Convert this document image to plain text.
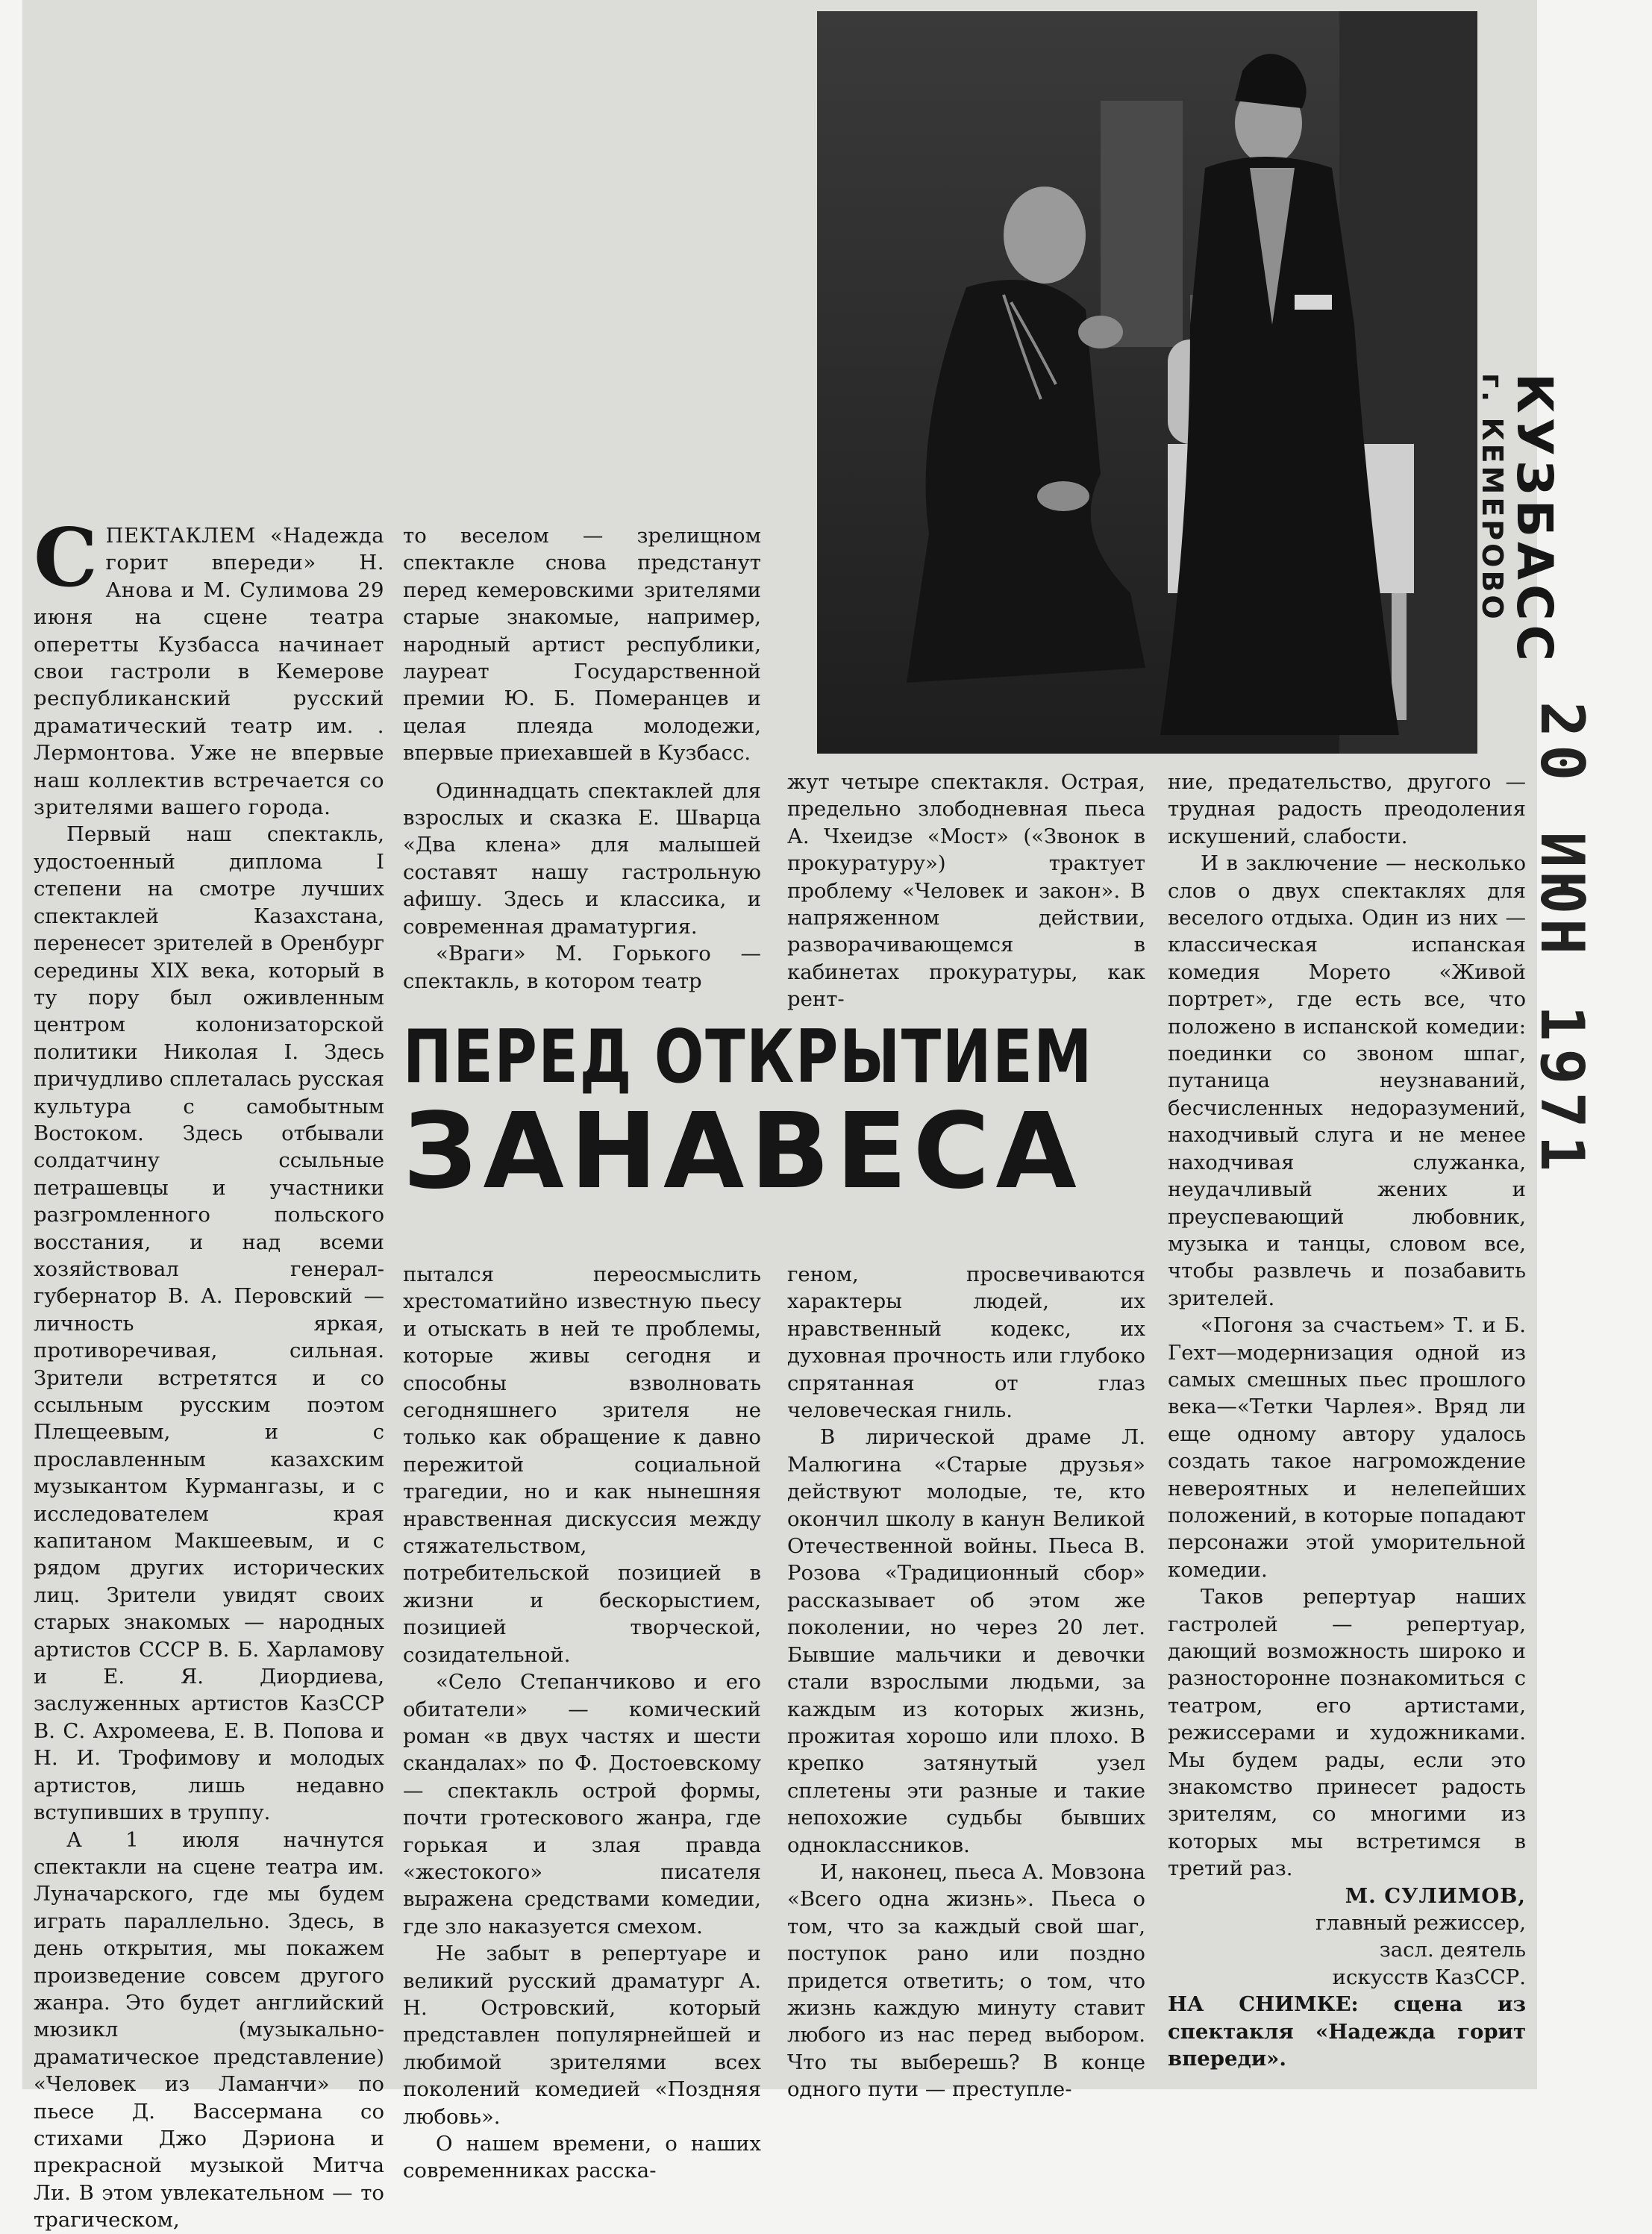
КУЗБАСС
г. КЕМЕРОВО
20 ИЮН 1971

СПЕКТАКЛЕМ «Надежда горит впереди» Н. Анова и М. Сулимова 29 июня на сцене театра оперетты Кузбасса начинает свои гастроли в Кемерове республиканский русский драматический театр им. . Лермонтова. Уже не впервые наш коллектив встречается со зрителями вашего города.

Первый наш спектакль, удостоенный диплома I степени на смотре лучших спектаклей Казахстана, перенесет зрителей в Оренбург середины XIX века, который в ту пору был оживленным центром колонизаторской политики Николая I. Здесь причудливо сплеталась русская культура с самобытным Востоком. Здесь отбывали солдатчину ссыльные петрашевцы и участники разгромленного польского восстания, и над всеми хозяйствовал генерал-губернатор В. А. Перовский — личность яркая, противоречивая, сильная. Зрители встретятся и со ссыльным русским поэтом Плещеевым, и с прославленным казахским музыкантом Курмангазы, и с исследователем края капитаном Макшеевым, и с рядом других исторических лиц. Зрители увидят своих старых знакомых — народных артистов СССР В. Б. Харламову и Е. Я. Диордиева, заслуженных артистов КазССР В. С. Ахромеева, Е. В. Попова и Н. И. Трофимову и молодых артистов, лишь недавно вступивших в труппу.

А 1 июля начнутся спектакли на сцене театра им. Луначарского, где мы будем играть параллельно. Здесь, в день открытия, мы покажем произведение совсем другого жанра. Это будет английский мюзикл (музыкально-драматическое представление) «Человек из Ламанчи» по пьесе Д. Вассермана со стихами Джо Дэриона и прекрасной музыкой Митча Ли. В этом увлекательном — то трагическом,

то веселом — зрелищном спектакле снова предстанут перед кемеровскими зрителями старые знакомые, например, народный артист республики, лауреат Государственной премии Ю. Б. Померанцев и целая плеяда молодежи, впервые приехавшей в Кузбасс.

Одиннадцать спектаклей для взрослых и сказка Е. Шварца «Два клена» для малышей составят нашу гастрольную афишу. Здесь и классика, и современная драматургия.

«Враги» М. Горького — спектакль, в котором театр

жут четыре спектакля. Острая, предельно злободневная пьеса А. Чхеидзе «Мост» («Звонок в прокуратуру») трактует проблему «Человек и закон». В напряженном действии, разворачивающемся в кабинетах прокуратуры, как рент-

ние, предательство, другого — трудная радость преодоления искушений, слабости.

И в заключение — несколько слов о двух спектаклях для веселого отдыха. Один из них — классическая испанская комедия Морето «Живой портрет», где есть все, что положено в испанской комедии: поединки со звоном шпаг, путаница неузнаваний, бесчисленных недоразумений, находчивый слуга и не менее находчивая служанка, неудачливый жених и преуспевающий любовник, музыка и танцы, словом все, чтобы развлечь и позабавить зрителей.

«Погоня за счастьем» Т. и Б. Гехт—модернизация одной из самых смешных пьес прошлого века—«Тетки Чарлея». Вряд ли еще одному автору удалось создать такое нагромождение невероятных и нелепейших положений, в которые попадают персонажи этой уморительной комедии.

Таков репертуар наших гастролей — репертуар, дающий возможность широко и разносторонне познакомиться с театром, его артистами, режиссерами и художниками. Мы будем рады, если это знакомство принесет радость зрителям, со многими из которых мы встретимся в третий раз.

М. СУЛИМОВ,

главный режиссер,

засл. деятель

искусств КазССР.

НА СНИМКЕ: сцена из спектакля «Надежда горит впереди».

ПЕРЕД ОТКРЫТИЕМ
ЗАНАВЕСА

пытался переосмыслить хрестоматийно известную пьесу и отыскать в ней те проблемы, которые живы сегодня и способны взволновать сегодняшнего зрителя не только как обращение к давно пережитой социальной трагедии, но и как нынешняя нравственная дискуссия между стяжательством, потребительской позицией в жизни и бескорыстием, позицией творческой, созидательной.

«Село Степанчиково и его обитатели» — комический роман «в двух частях и шести скандалах» по Ф. Достоевскому — спектакль острой формы, почти гротескового жанра, где горькая и злая правда «жестокого» писателя выражена средствами комедии, где зло наказуется смехом.

Не забыт в репертуаре и великий русский драматург А. Н. Островский, который представлен популярнейшей и любимой зрителями всех поколений комедией «Поздняя любовь».

О нашем времени, о наших современниках расска-

геном, просвечиваются характеры людей, их нравственный кодекс, их духовная прочность или глубоко спрятанная от глаз человеческая гниль.

В лирической драме Л. Малюгина «Старые друзья» действуют молодые, те, кто окончил школу в канун Великой Отечественной войны. Пьеса В. Розова «Традиционный сбор» рассказывает об этом же поколении, но через 20 лет. Бывшие мальчики и девочки стали взрослыми людьми, за каждым из которых жизнь, прожитая хорошо или плохо. В крепко затянутый узел сплетены эти разные и такие непохожие судьбы бывших одноклассников.

И, наконец, пьеса А. Мовзона «Всего одна жизнь». Пьеса о том, что за каждый свой шаг, поступок рано или поздно придется ответить; о том, что жизнь каждую минуту ставит любого из нас перед выбором. Что ты выберешь? В конце одного пути — преступле-
